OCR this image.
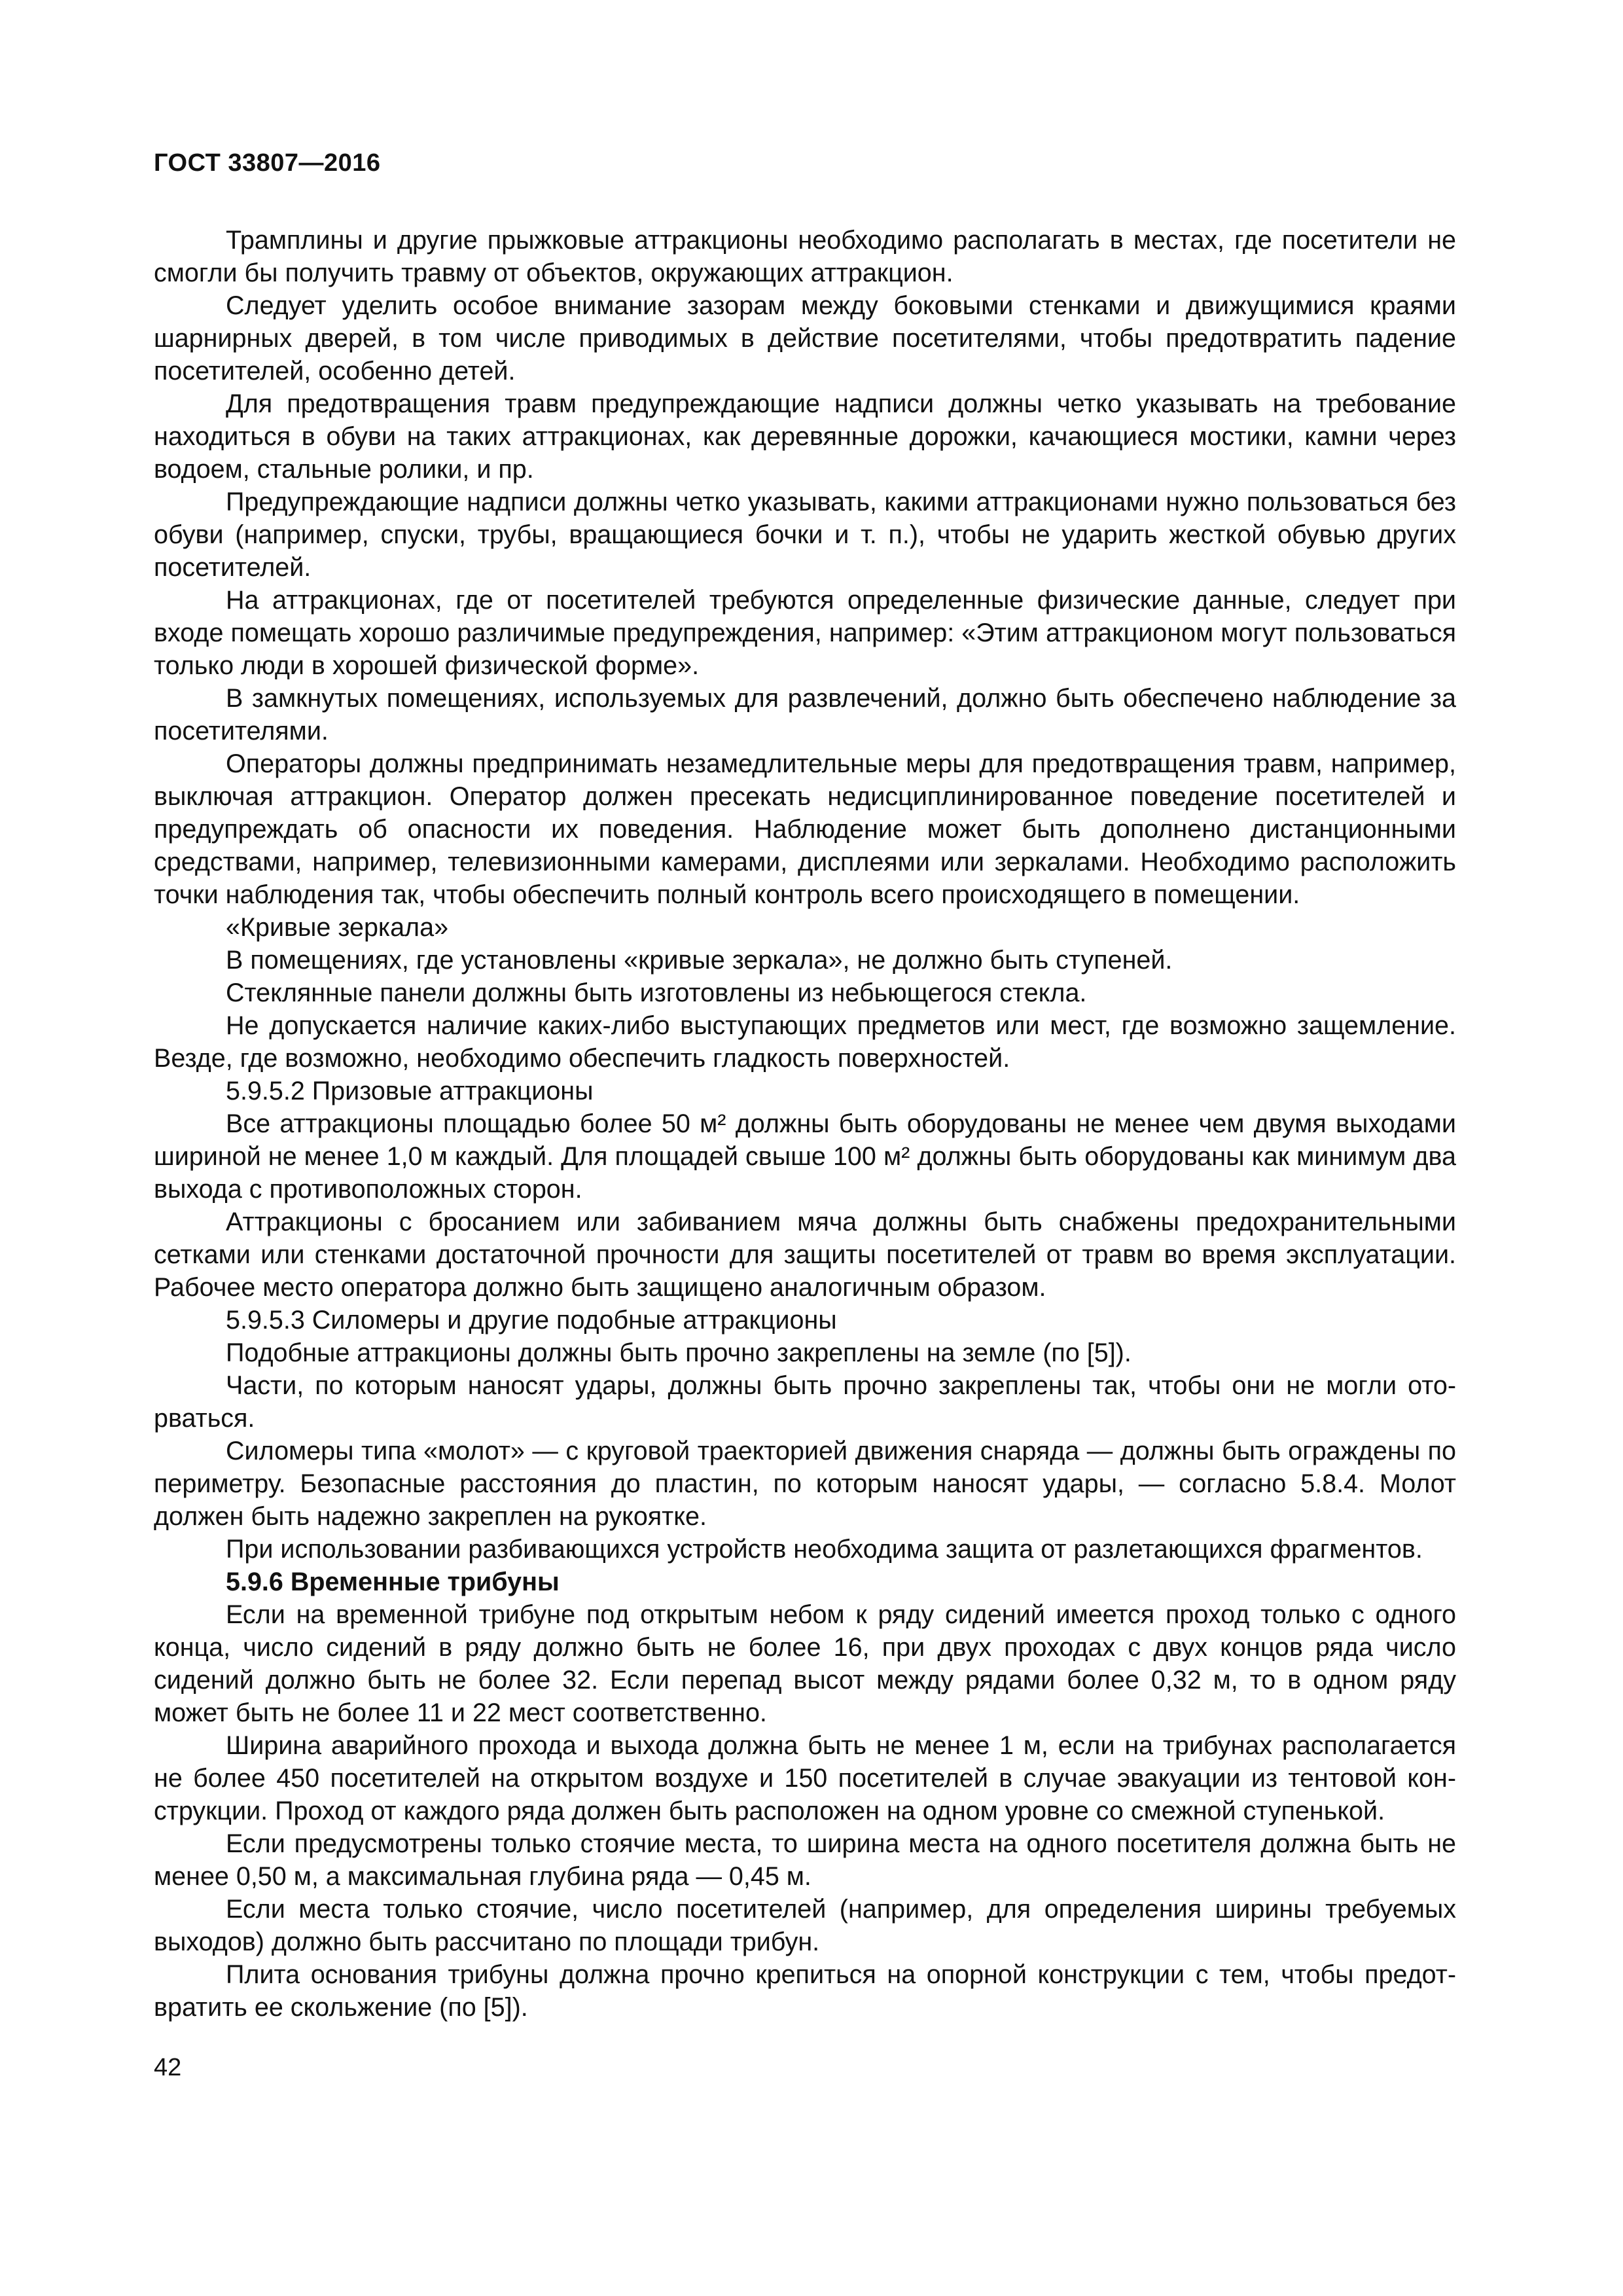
ГОСТ 33807—2016

Трамплины и другие прыжковые аттракционы необходимо располагать в местах, где посетители не смогли бы получить травму от объектов, окружающих аттракцион.

Следует уделить особое внимание зазорам между боковыми стенками и движущимися краями шарнирных дверей, в том числе приводимых в действие посетителями, чтобы предотвратить падение посетителей, особенно детей.

Для предотвращения травм предупреждающие надписи должны четко указывать на требование находиться в обуви на таких аттракционах, как деревянные дорожки, качающиеся мостики, камни через водоем, стальные ролики, и пр.

Предупреждающие надписи должны четко указывать, какими аттракционами нужно пользоваться без обуви (например, спуски, трубы, вращающиеся бочки и т. п.), чтобы не ударить жесткой обувью других посетителей.

На аттракционах, где от посетителей требуются определенные физические данные, следует при входе помещать хорошо различимые предупреждения, например: «Этим аттракционом могут пользоваться только люди в хорошей физической форме».

В замкнутых помещениях, используемых для развлечений, должно быть обеспечено наблюдение за посетителями.

Операторы должны предпринимать незамедлительные меры для предотвращения травм, например, выключая аттракцион. Оператор должен пресекать недисциплинированное поведение посетителей и предупреждать об опасности их поведения. Наблюдение может быть дополнено дистанционными средствами, например, телевизионными камерами, дисплеями или зеркалами. Необходимо расположить точки наблюдения так, чтобы обеспечить полный контроль всего происходящего в помещении.

«Кривые зеркала»

В помещениях, где установлены «кривые зеркала», не должно быть ступеней.

Стеклянные панели должны быть изготовлены из небьющегося стекла.

Не допускается наличие каких-либо выступающих предметов или мест, где возможно защемление. Везде, где возможно, необходимо обеспечить гладкость поверхностей.

5.9.5.2 Призовые аттракционы

Все аттракционы площадью более 50 м² должны быть оборудованы не менее чем двумя выходами шириной не менее 1,0 м каждый. Для площадей свыше 100 м² должны быть оборудованы как минимум два выхода с противоположных сторон.

Аттракционы с бросанием или забиванием мяча должны быть снабжены предохранительными сетками или стенками достаточной прочности для защиты посетителей от травм во время эксплуатации. Рабочее место оператора должно быть защищено аналогичным образом.

5.9.5.3 Силомеры и другие подобные аттракционы

Подобные аттракционы должны быть прочно закреплены на земле (по [5]).

Части, по которым наносят удары, должны быть прочно закреплены так, чтобы они не могли оторваться.

Силомеры типа «молот» — с круговой траекторией движения снаряда — должны быть ограждены по периметру. Безопасные расстояния до пластин, по которым наносят удары, — согласно 5.8.4. Молот должен быть надежно закреплен на рукоятке.

При использовании разбивающихся устройств необходима защита от разлетающихся фрагментов.

5.9.6 Временные трибуны

Если на временной трибуне под открытым небом к ряду сидений имеется проход только с одного конца, число сидений в ряду должно быть не более 16, при двух проходах с двух концов ряда число сидений должно быть не более 32. Если перепад высот между рядами более 0,32 м, то в одном ряду может быть не более 11 и 22 мест соответственно.

Ширина аварийного прохода и выхода должна быть не менее 1 м, если на трибунах располагается не более 450 посетителей на открытом воздухе и 150 посетителей в случае эвакуации из тентовой конструкции. Проход от каждого ряда должен быть расположен на одном уровне со смежной ступенькой.

Если предусмотрены только стоячие места, то ширина места на одного посетителя должна быть не менее 0,50 м, а максимальная глубина ряда — 0,45 м.

Если места только стоячие, число посетителей (например, для определения ширины требуемых выходов) должно быть рассчитано по площади трибун.

Плита основания трибуны должна прочно крепиться на опорной конструкции с тем, чтобы предотвратить ее скольжение (по [5]).

42
